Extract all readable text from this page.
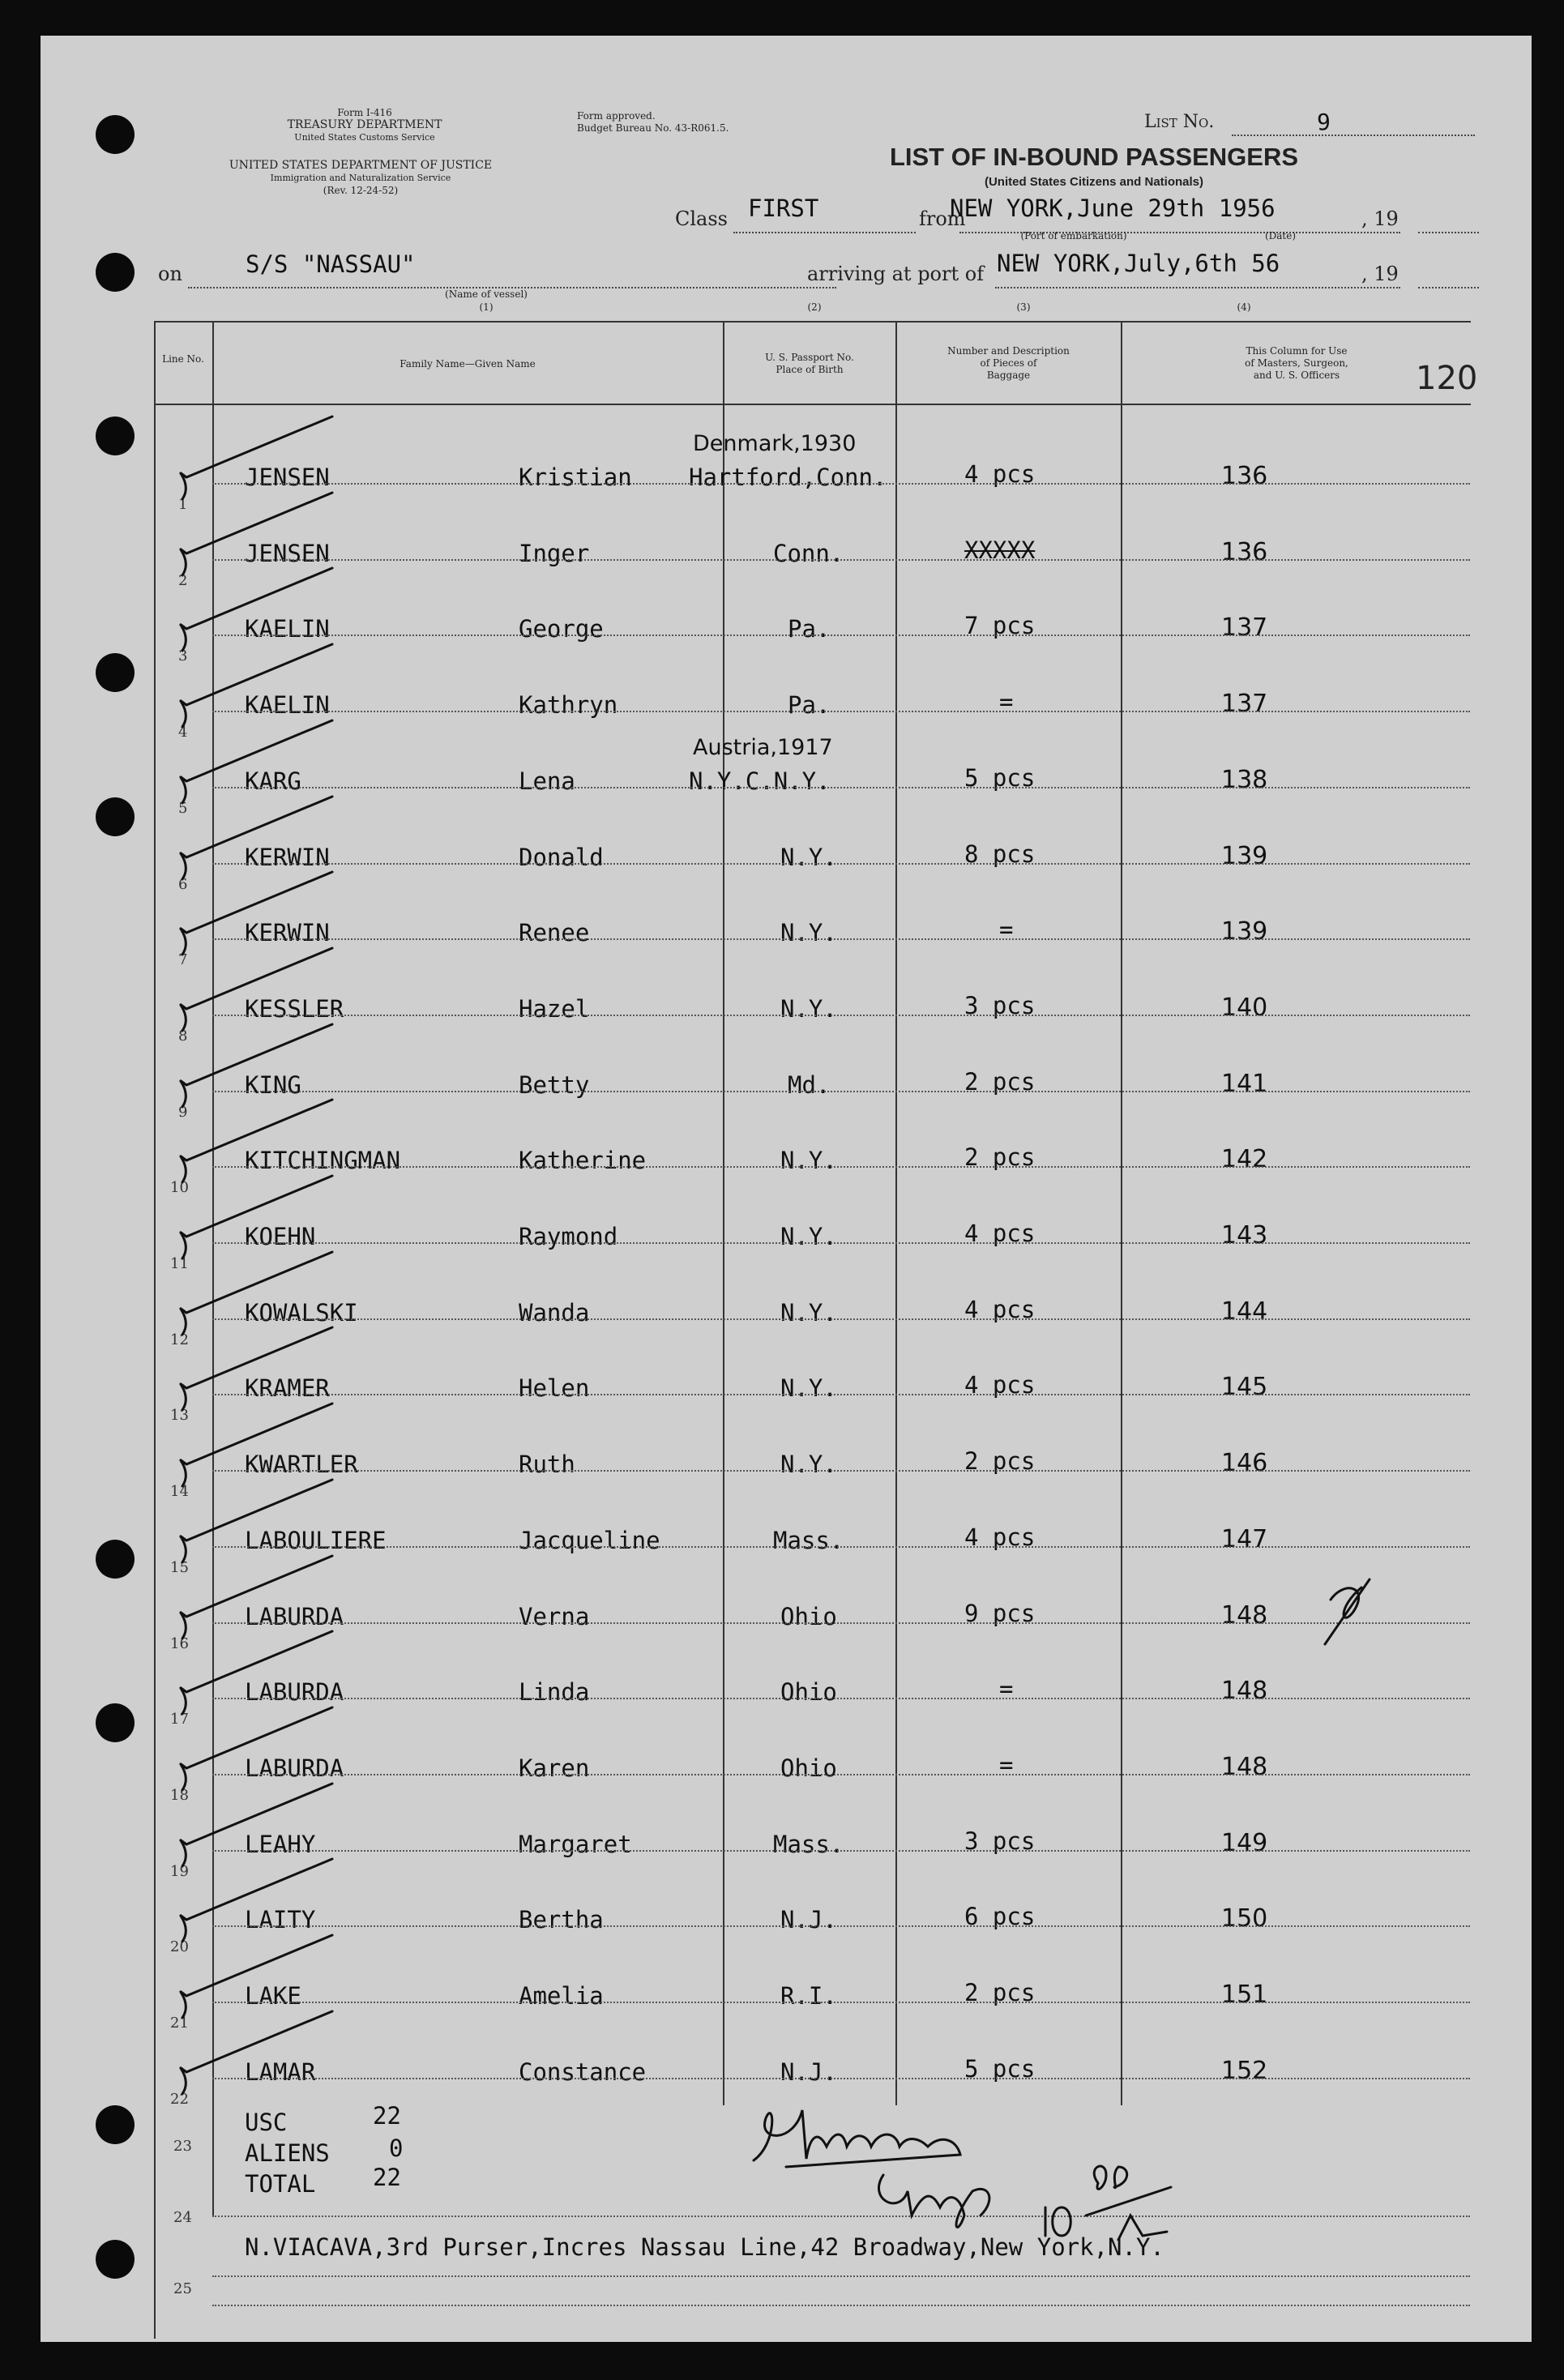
Form I-416
TREASURY DEPARTMENT
United States Customs Service
UNITED STATES DEPARTMENT OF JUSTICE
Immigration and Naturalization Service
(Rev. 12-24-52)
Form approved.
Budget Bureau No. 43-R061.5.	List No.	9
LIST OF IN-BOUND PASSENGERS
(United States Citizens and Nationals)
Class FIRST	from
NEW YORK,June 29th 1956	, 19
(Port of embarkation)	(Date)
on	S/S "NASSAU"
(Name of vessel)
(1)
arriving at port of NEW YORK,July,6th 56	, 19
(2)	(3)	(4)
Line No.	Family Name—Given Name
U. S. Passport No.
Place of Birth
Number and Description
of Pieces of
Baggage
This Column for Use
of Masters, Surgeon,
and U. S. Officers	120
1
JENSEN	Kristian
Denmark,1930
Hartford,Conn.	4 pcs	136
2
JENSEN	Inger	Conn.	XXXXX	136
3
KAELIN	George	Pa.	7 pcs	137
4
KAELIN	Kathryn	Pa.	=	137
5
KARG	Lena
Austria,1917
N.Y.C.N.Y.	5 pcs	138
6
KERWIN	Donald	N.Y.	8 pcs	139
7
KERWIN	Renee	N.Y.	=	139
8
KESSLER	Hazel	N.Y.	3 pcs	140
9
KING	Betty	Md.	2 pcs	141
10
KITCHINGMAN	Katherine	N.Y.	2 pcs	142
11
KOEHN	Raymond	N.Y.	4 pcs	143
12
KOWALSKI	Wanda	N.Y.	4 pcs	144
13
KRAMER	Helen	N.Y.	4 pcs	145
14
KWARTLER	Ruth	N.Y.	2 pcs	146
15
LABOULIERE	Jacqueline	Mass.	4 pcs	147
16
LABURDA	Verna	Ohio	9 pcs	148
17
LABURDA	Linda	Ohio	=	148
18
LABURDA	Karen	Ohio	=	148
19
LEAHY	Margaret	Mass.	3 pcs	149
20
LAITY	Bertha	N.J.	6 pcs	150
21
LAKE	Amelia	R.I.	2 pcs	151
22
LAMAR	Constance	N.J.	5 pcs	152
USC	22
ALIENS	0
TOTAL 22
23
24
N.VIACAVA,3rd Purser,Incres Nassau Line,42 Broadway,New York,N.Y.
25
